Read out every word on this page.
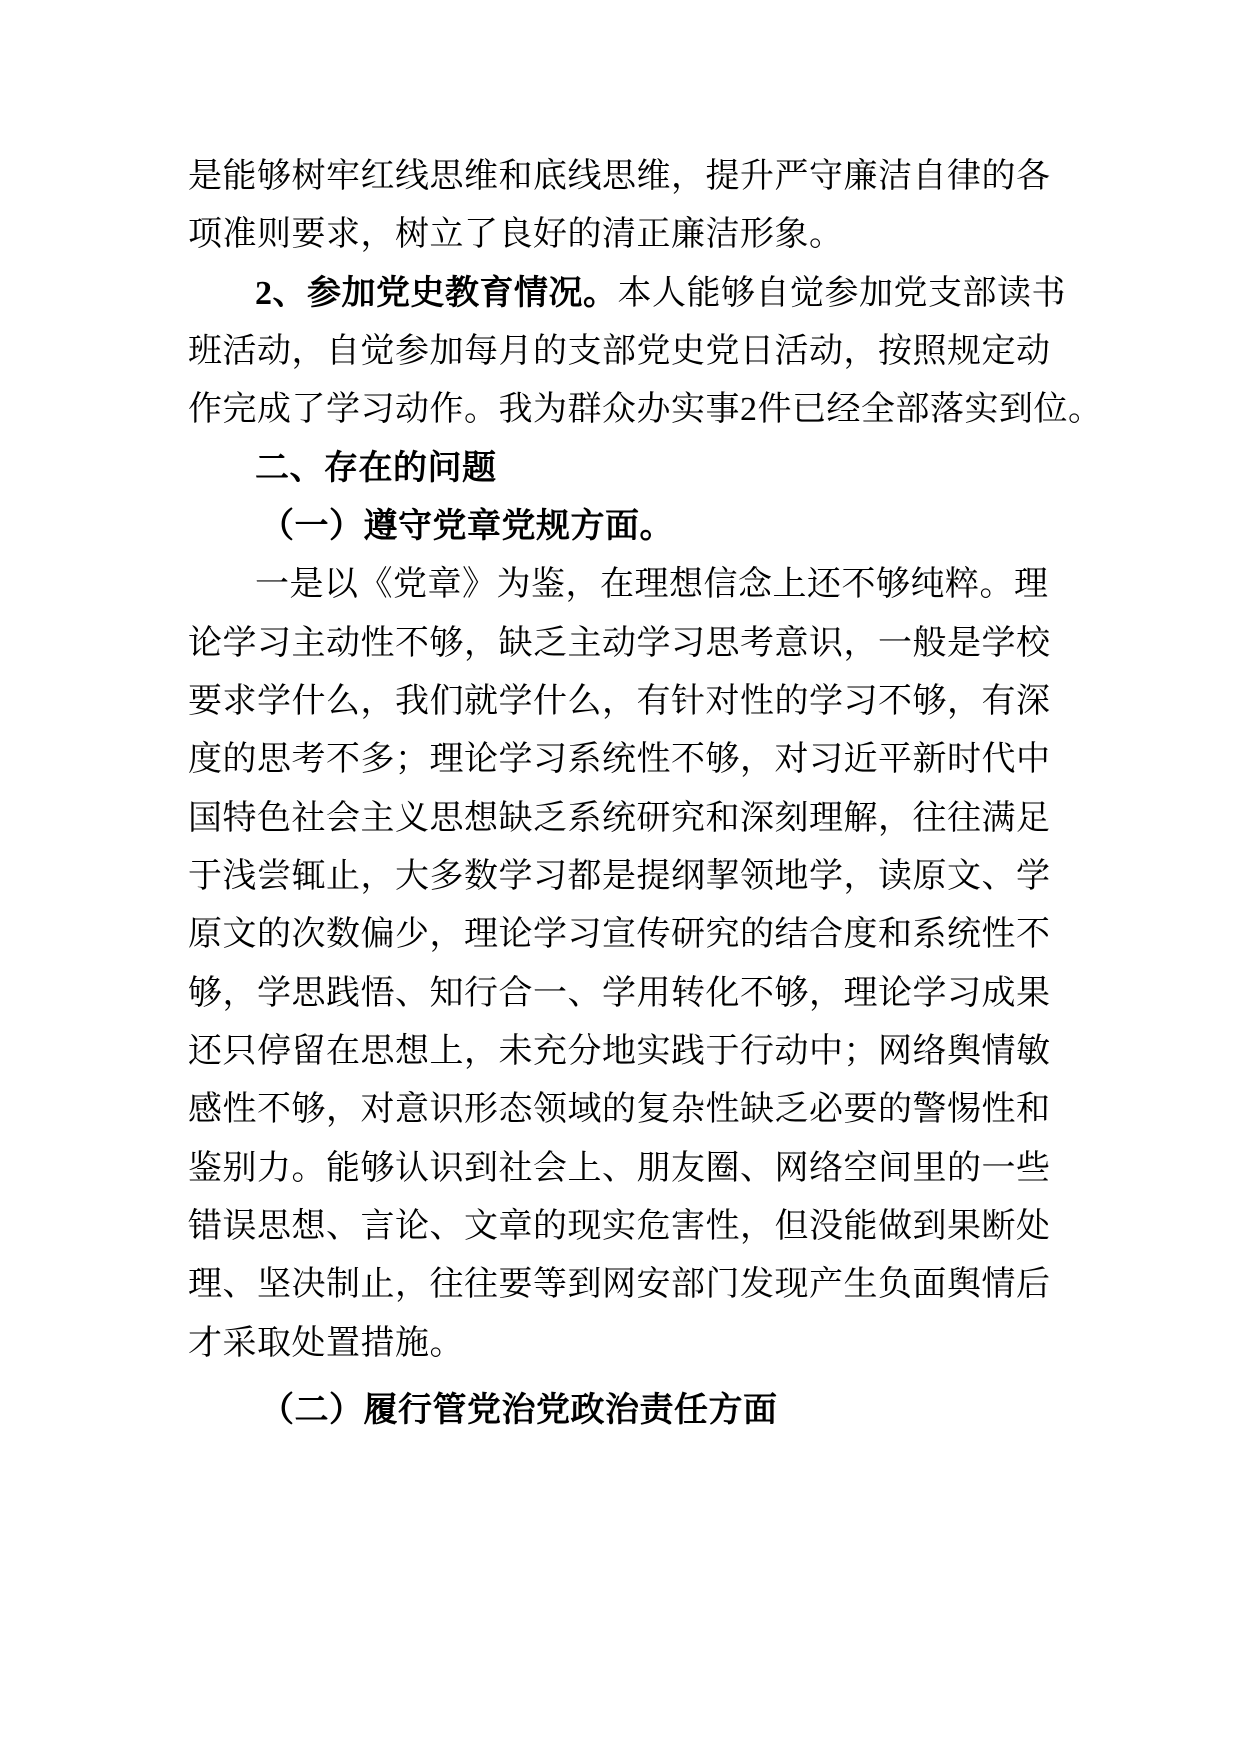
是能够树牢红线思维和底线思维，提升严守廉洁自律的各
项准则要求，树立了良好的清正廉洁形象。
2、参加党史教育情况。本人能够自觉参加党支部读书
班活动，自觉参加每月的支部党史党日活动，按照规定动
作完成了学习动作。我为群众办实事2件已经全部落实到位。
二、存在的问题
（一）遵守党章党规方面。
一是以《党章》为鉴，在理想信念上还不够纯粹。理
论学习主动性不够，缺乏主动学习思考意识，一般是学校
要求学什么，我们就学什么，有针对性的学习不够，有深
度的思考不多；理论学习系统性不够，对习近平新时代中
国特色社会主义思想缺乏系统研究和深刻理解，往往满足
于浅尝辄止，大多数学习都是提纲挈领地学，读原文、学
原文的次数偏少，理论学习宣传研究的结合度和系统性不
够，学思践悟、知行合一、学用转化不够，理论学习成果
还只停留在思想上，未充分地实践于行动中；网络舆情敏
感性不够，对意识形态领域的复杂性缺乏必要的警惕性和
鉴别力。能够认识到社会上、朋友圈、网络空间里的一些
错误思想、言论、文章的现实危害性，但没能做到果断处
理、坚决制止，往往要等到网安部门发现产生负面舆情后
才采取处置措施。
（二）履行管党治党政治责任方面
